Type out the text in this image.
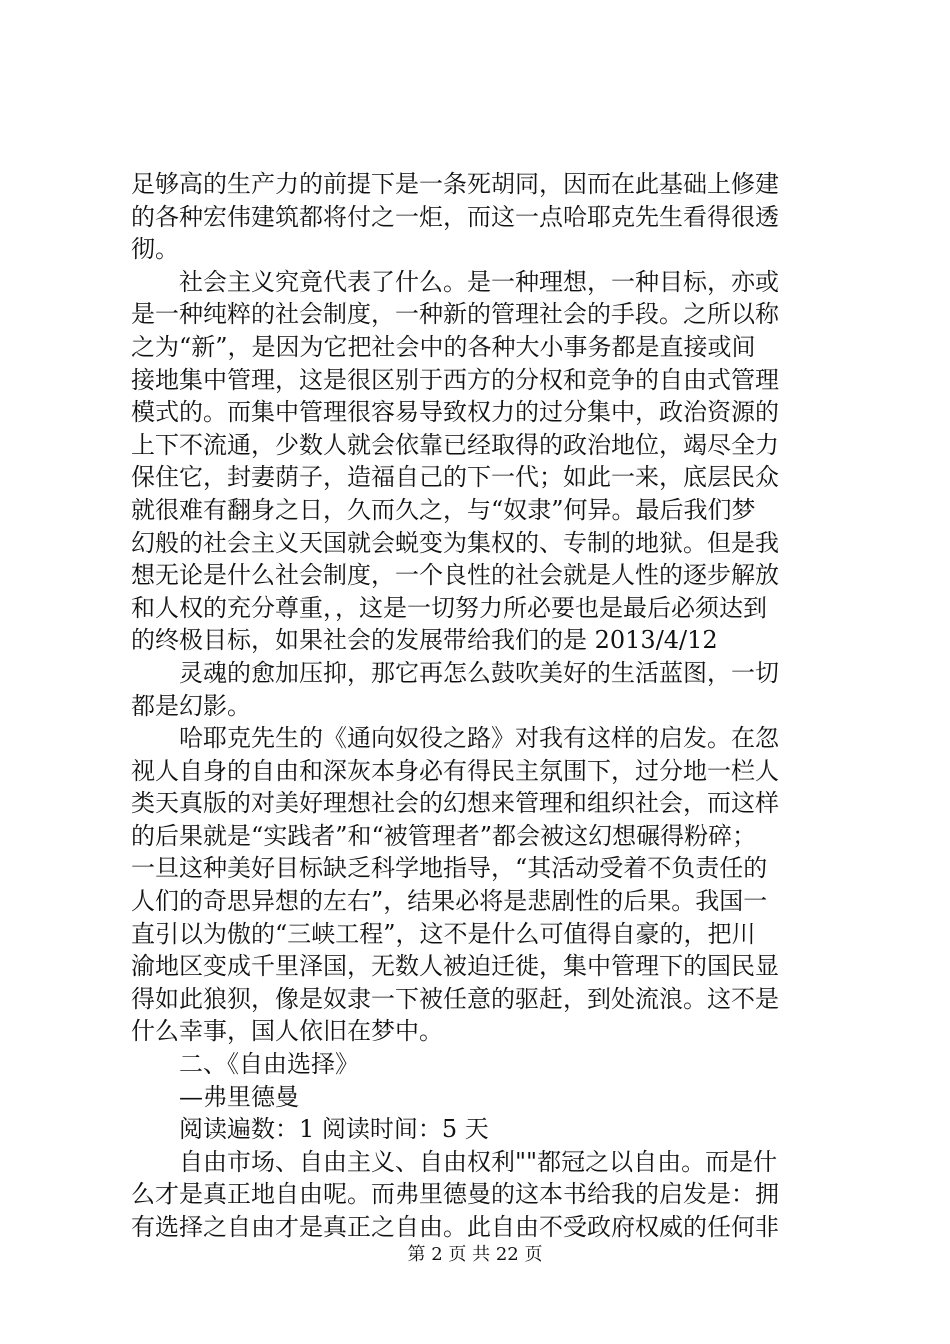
足够高的生产力的前提下是一条死胡同，因而在此基础上修建
的各种宏伟建筑都将付之一炬，而这一点哈耶克先生看得很透
彻。
　　社会主义究竟代表了什么。是一种理想，一种目标，亦或
是一种纯粹的社会制度，一种新的管理社会的手段。之所以称
之为“新”，是因为它把社会中的各种大小事务都是直接或间
接地集中管理，这是很区别于西方的分权和竞争的自由式管理
模式的。而集中管理很容易导致权力的过分集中，政治资源的
上下不流通，少数人就会依靠已经取得的政治地位，竭尽全力
保住它，封妻荫子，造福自己的下一代；如此一来，底层民众
就很难有翻身之日，久而久之，与“奴隶”何异。最后我们梦
幻般的社会主义天国就会蜕变为集权的、专制的地狱。但是我
想无论是什么社会制度，一个良性的社会就是人性的逐步解放
和人权的充分尊重，，这是一切努力所必要也是最后必须达到
的终极目标，如果社会的发展带给我们的是 2013/4/12
　　灵魂的愈加压抑，那它再怎么鼓吹美好的生活蓝图，一切
都是幻影。
　　哈耶克先生的《通向奴役之路》对我有这样的启发。在忽
视人自身的自由和深灰本身必有得民主氛围下，过分地一栏人
类天真版的对美好理想社会的幻想来管理和组织社会，而这样
的后果就是“实践者”和“被管理者”都会被这幻想碾得粉碎；
一旦这种美好目标缺乏科学地指导，“其活动受着不负责任的
人们的奇思异想的左右”，结果必将是悲剧性的后果。我国一
直引以为傲的“三峡工程”，这不是什么可值得自豪的，把川
渝地区变成千里泽国，无数人被迫迁徙，集中管理下的国民显
得如此狼狈，像是奴隶一下被任意的驱赶，到处流浪。这不是
什么幸事，国人依旧在梦中。
　　二、《自由选择》
　　—弗里德曼
　　阅读遍数：1 阅读时间：5 天
　　自由市场、自由主义、自由权利""都冠之以自由。而是什
么才是真正地自由呢。而弗里德曼的这本书给我的启发是：拥
有选择之自由才是真正之自由。此自由不受政府权威的任何非
第 2 页 共 22 页
